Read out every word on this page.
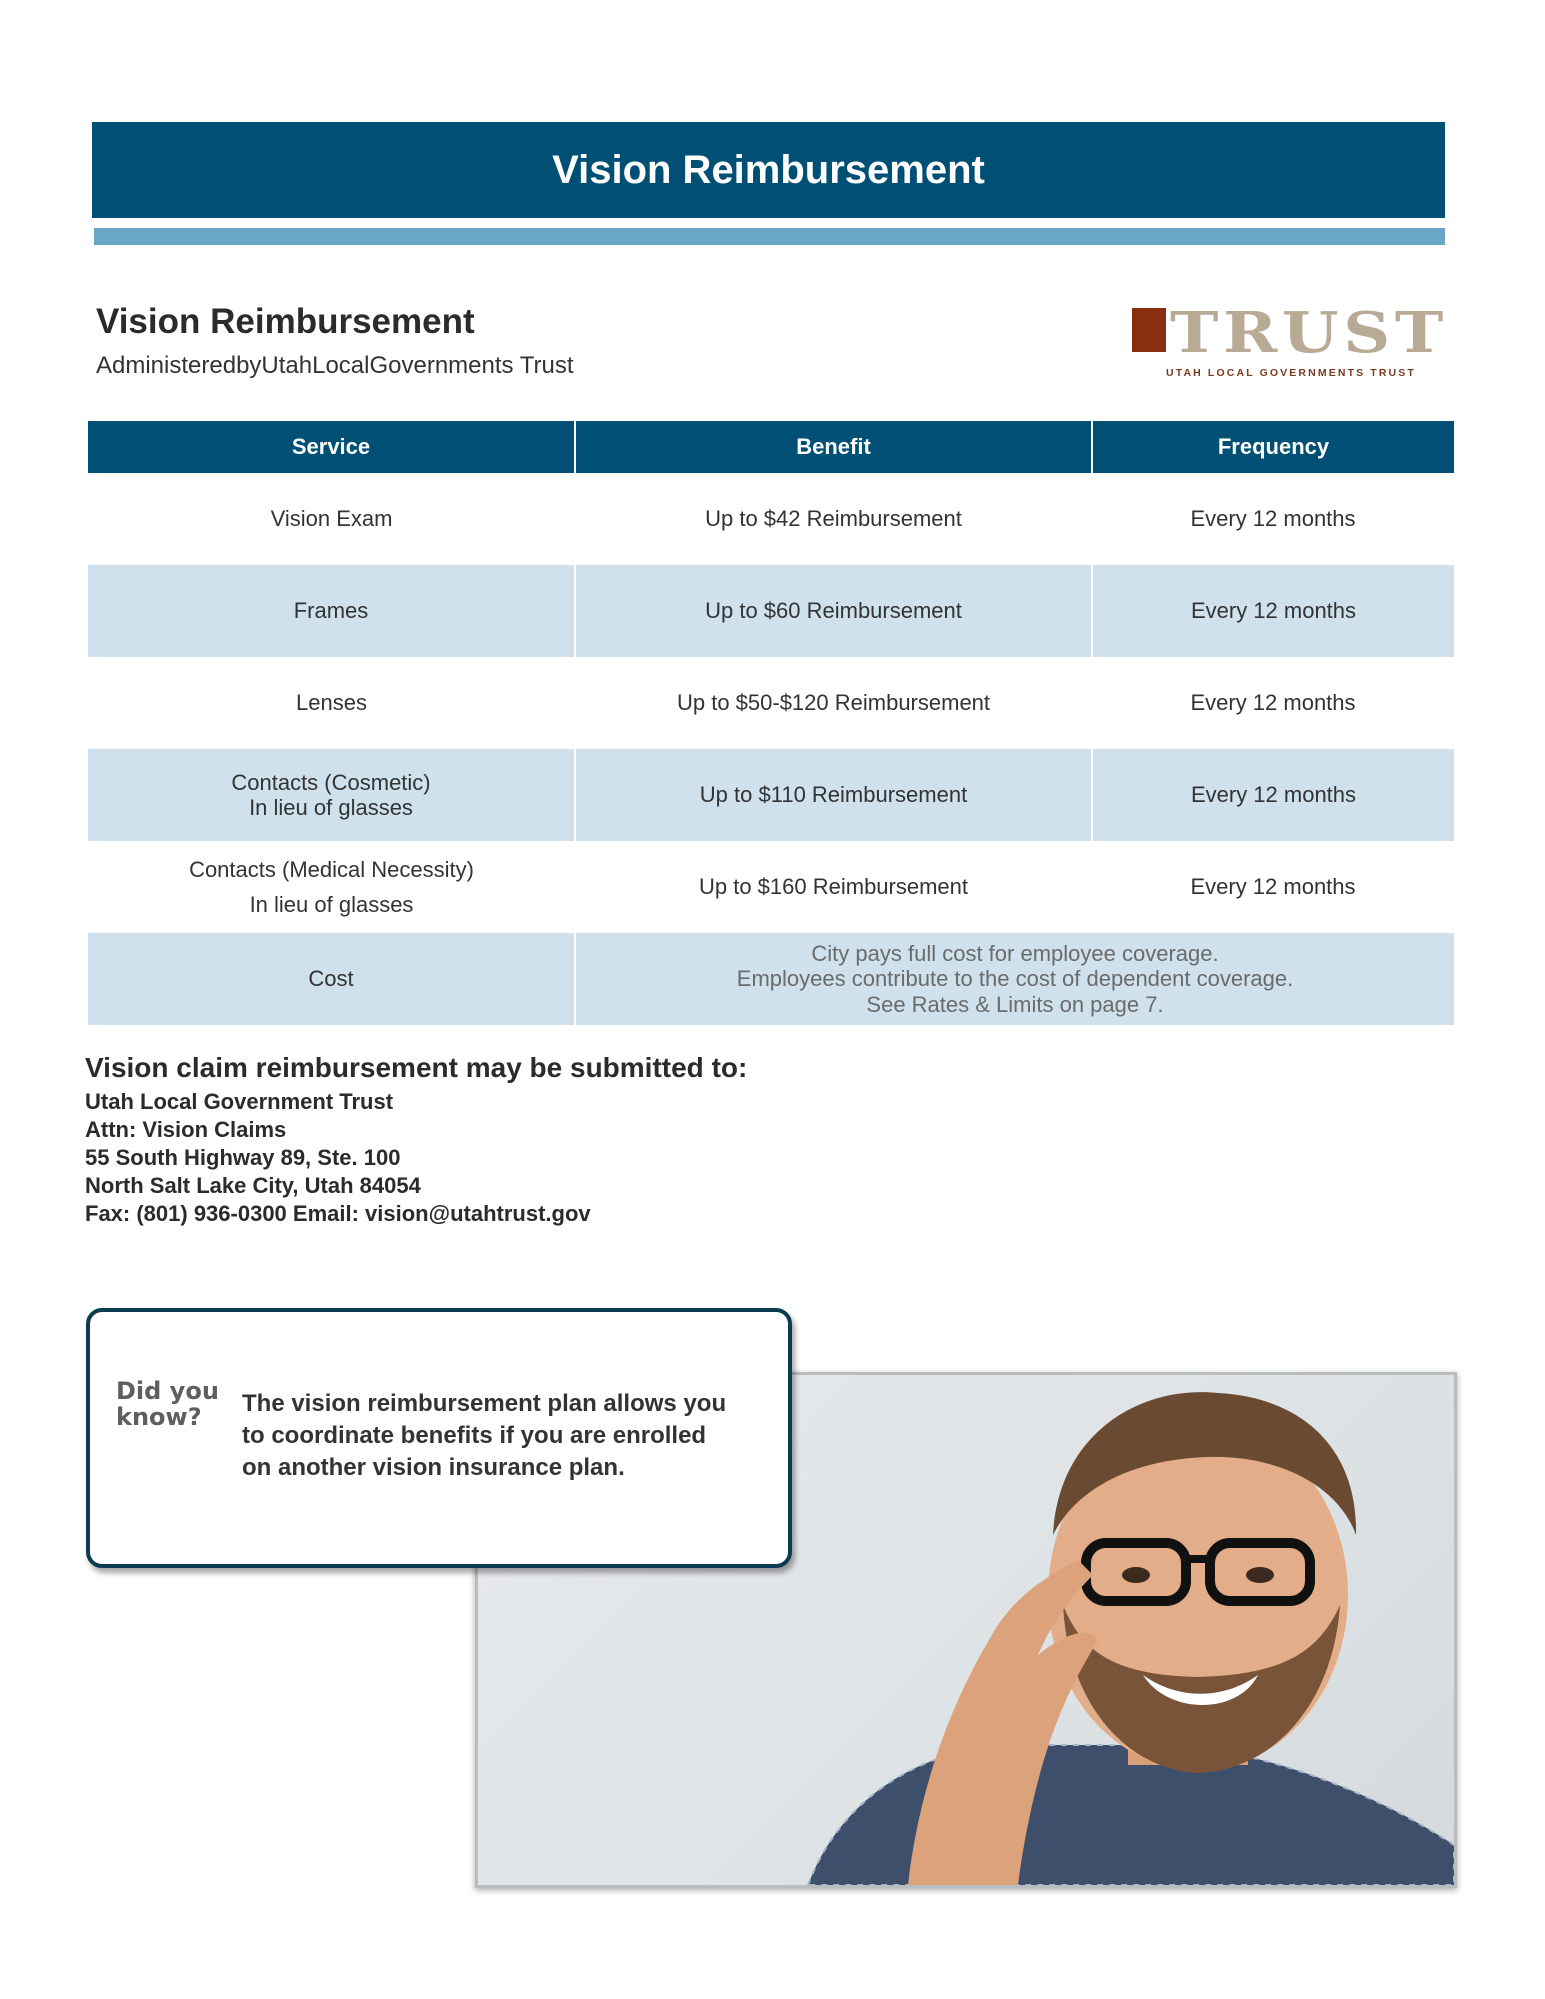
Vision Reimbursement
Vision Reimbursement
AdministeredbyUtahLocalGovernments Trust	TRUST
UTAH LOCAL GOVERNMENTS TRUST
Service	Benefit	Frequency
Vision Exam	Up to $42 Reimbursement	Every 12 months
Frames	Up to $60 Reimbursement	Every 12 months
Lenses	Up to $50-$120 Reimbursement	Every 12 months
Contacts (Cosmetic)
In lieu of glasses	Up to $110 Reimbursement	Every 12 months
Contacts (Medical Necessity)
In lieu of glasses	Up to $160 Reimbursement	Every 12 months
Cost	City pays full cost for employee coverage.
Employees contribute to the cost of dependent coverage.
See Rates & Limits on page 7.	
Vision claim reimbursement may be submitted to:
Utah Local Government Trust
Attn: Vision Claims
55 South Highway 89, Ste. 100
North Salt Lake City, Utah 84054
Fax: (801) 936-0300 Email: vision@utahtrust.gov
Did you
know?	The vision reimbursement plan allows you to coordinate benefits if you are enrolled on another vision insurance plan.
